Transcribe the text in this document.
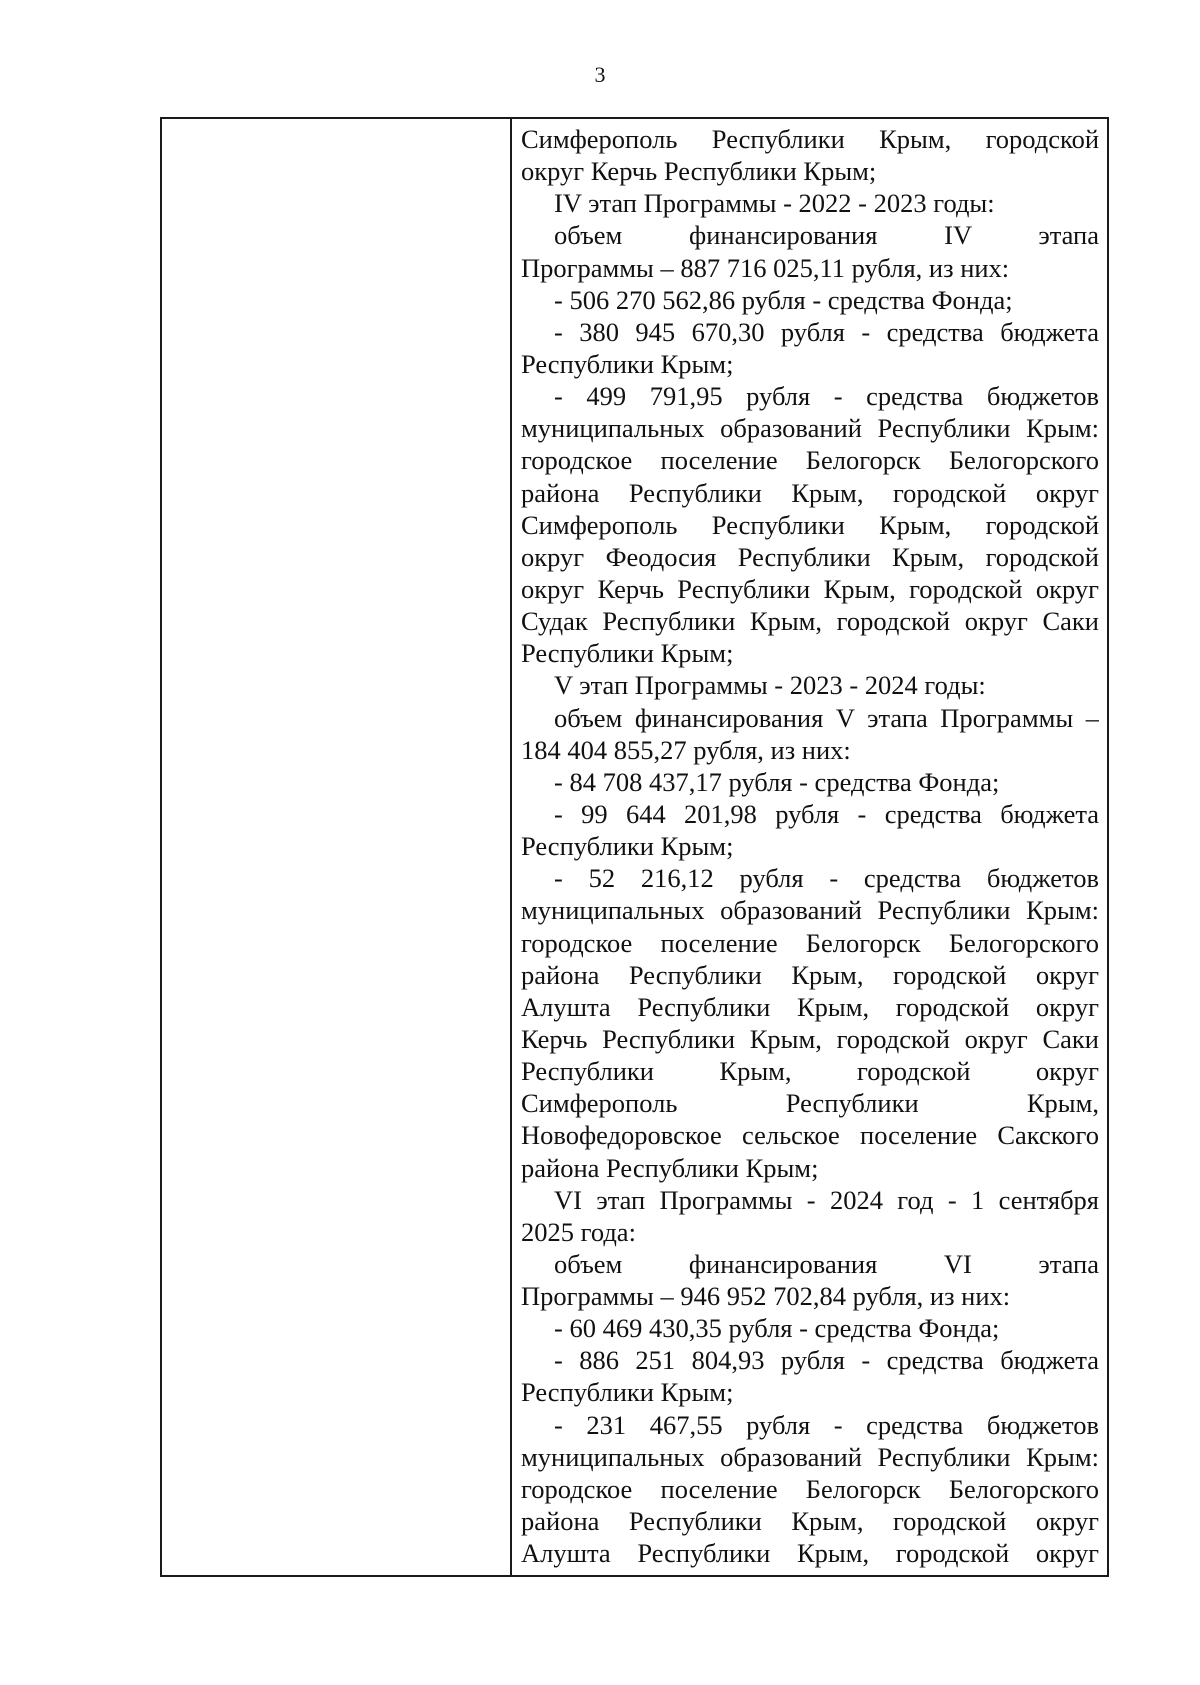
3
Симферополь Республики Крым, городской
округ Керчь Республики Крым;
IV этап Программы - 2022 - 2023 годы:
объем финансирования IV этапа
Программы – 887 716 025,11 рубля, из них:
- 506 270 562,86 рубля - средства Фонда;
- 380 945 670,30 рубля - средства бюджета
Республики Крым;
- 499 791,95 рубля - средства бюджетов
муниципальных образований Республики Крым:
городское поселение Белогорск Белогорского
района Республики Крым, городской округ
Симферополь Республики Крым, городской
округ Феодосия Республики Крым, городской
округ Керчь Республики Крым, городской округ
Судак Республики Крым, городской округ Саки
Республики Крым;
V этап Программы - 2023 - 2024 годы:
объем финансирования V этапа Программы –
184 404 855,27 рубля, из них:
- 84 708 437,17 рубля - средства Фонда;
- 99 644 201,98 рубля - средства бюджета
Республики Крым;
- 52 216,12 рубля - средства бюджетов
муниципальных образований Республики Крым:
городское поселение Белогорск Белогорского
района Республики Крым, городской округ
Алушта Республики Крым, городской округ
Керчь Республики Крым, городской округ Саки
Республики Крым, городской округ
Симферополь Республики Крым,
Новофедоровское сельское поселение Сакского
района Республики Крым;
VI этап Программы - 2024 год - 1 сентября
2025 года:
объем финансирования VI этапа
Программы – 946 952 702,84 рубля, из них:
- 60 469 430,35 рубля - средства Фонда;
- 886 251 804,93 рубля - средства бюджета
Республики Крым;
- 231 467,55 рубля - средства бюджетов
муниципальных образований Республики Крым:
городское поселение Белогорск Белогорского
района Республики Крым, городской округ
Алушта Республики Крым, городской округ
